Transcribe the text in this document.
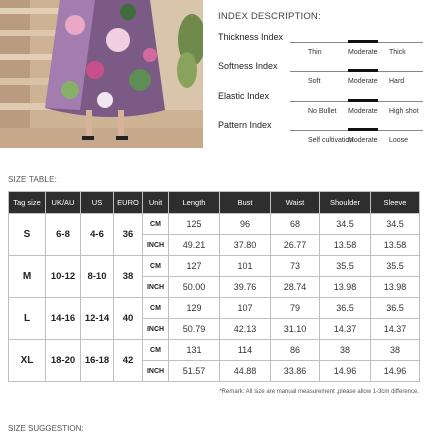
INDEX DESCRIPTION:
Thickness Index
Thin	Moderate Thick
Softness Index
Soft	Moderate Hard
Elastic Index
No Bullet Moderate High shot
Pattern Index
Self cultivation
Moderate Loose
SIZE TABLE:
Tag size	UK/AU	US	EURO	Unit	Length	Bust	Waist	Shoulder	Sleeve
S	6-8	4-6	36	CM	125	96	68	34.5	34.5
				INCH	49.21	37.80	26.77	13.58	13.58
M	10-12	8-10	38	CM	127	101	73	35.5	35.5
				INCH	50.00	39.76	28.74	13.98	13.98
L	14-16	12-14	40	CM	129	107	79	36.5	36.5
				INCH	50.79	42.13	31.10	14.37	14.37
XL	18-20	16-18	42	CM	131	114	86	38	38
				INCH	51.57	44.88	33.86	14.96	14.96
*Remark: All size are manual measurement ,please allow 1-3cm difference.
SIZE SUGGESTION:
